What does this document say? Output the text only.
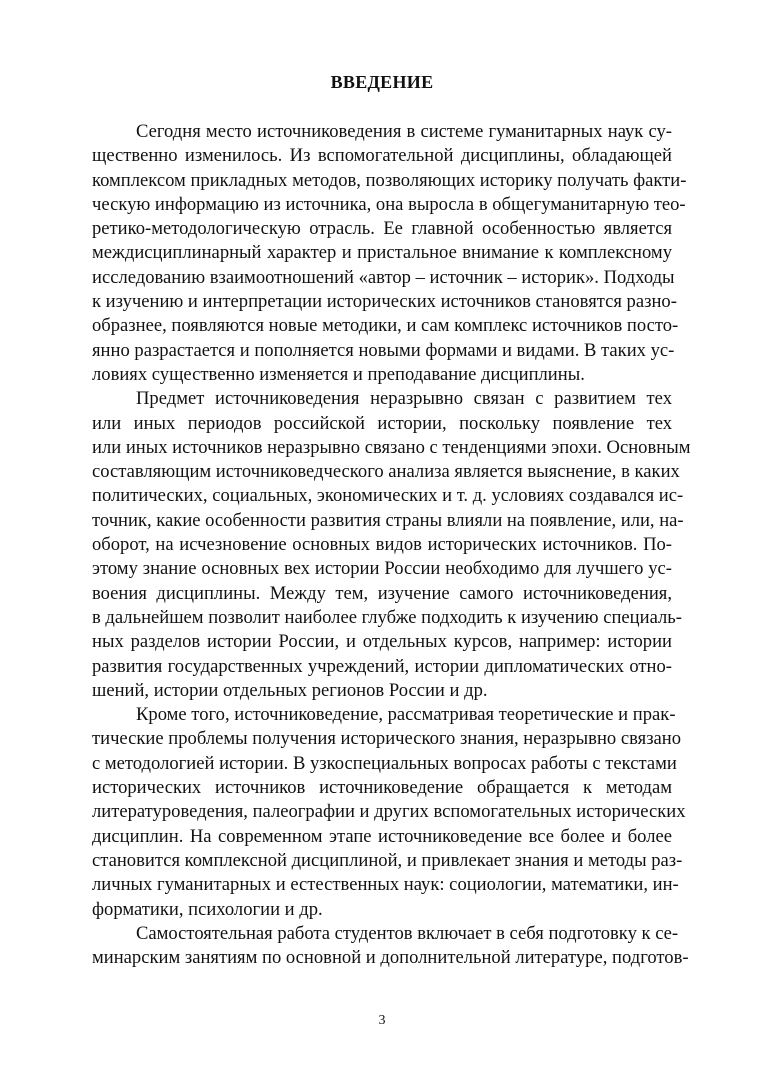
ВВЕДЕНИЕ
Сегодня место источниковедения в системе гуманитарных наук су-
щественно изменилось. Из вспомогательной дисциплины, обладающей
комплексом прикладных методов, позволяющих историку получать факти-
ческую информацию из источника, она выросла в общегуманитарную тео-
ретико-методологическую отрасль. Ее главной особенностью является
междисциплинарный характер и пристальное внимание к комплексному
исследованию взаимоотношений «автор – источник – историк». Подходы
к изучению и интерпретации исторических источников становятся разно-
образнее, появляются новые методики, и сам комплекс источников посто-
янно разрастается и пополняется новыми формами и видами. В таких ус-
ловиях существенно изменяется и преподавание дисциплины.
Предмет источниковедения неразрывно связан с развитием тех
или иных периодов российской истории, поскольку появление тех
или иных источников неразрывно связано с тенденциями эпохи. Основным
составляющим источниковедческого анализа является выяснение, в каких
политических, социальных, экономических и т. д. условиях создавался ис-
точник, какие особенности развития страны влияли на появление, или, на-
оборот, на исчезновение основных видов исторических источников. По-
этому знание основных вех истории России необходимо для лучшего ус-
воения дисциплины. Между тем, изучение самого источниковедения,
в дальнейшем позволит наиболее глубже подходить к изучению специаль-
ных разделов истории России, и отдельных курсов, например: истории
развития государственных учреждений, истории дипломатических отно-
шений, истории отдельных регионов России и др.
Кроме того, источниковедение, рассматривая теоретические и прак-
тические проблемы получения исторического знания, неразрывно связано
с методологией истории. В узкоспециальных вопросах работы с текстами
исторических источников источниковедение обращается к методам
литературоведения, палеографии и других вспомогательных исторических
дисциплин. На современном этапе источниковедение все более и более
становится комплексной дисциплиной, и привлекает знания и методы раз-
личных гуманитарных и естественных наук: социологии, математики, ин-
форматики, психологии и др.
Самостоятельная работа студентов включает в себя подготовку к се-
минарским занятиям по основной и дополнительной литературе, подготов-
3
